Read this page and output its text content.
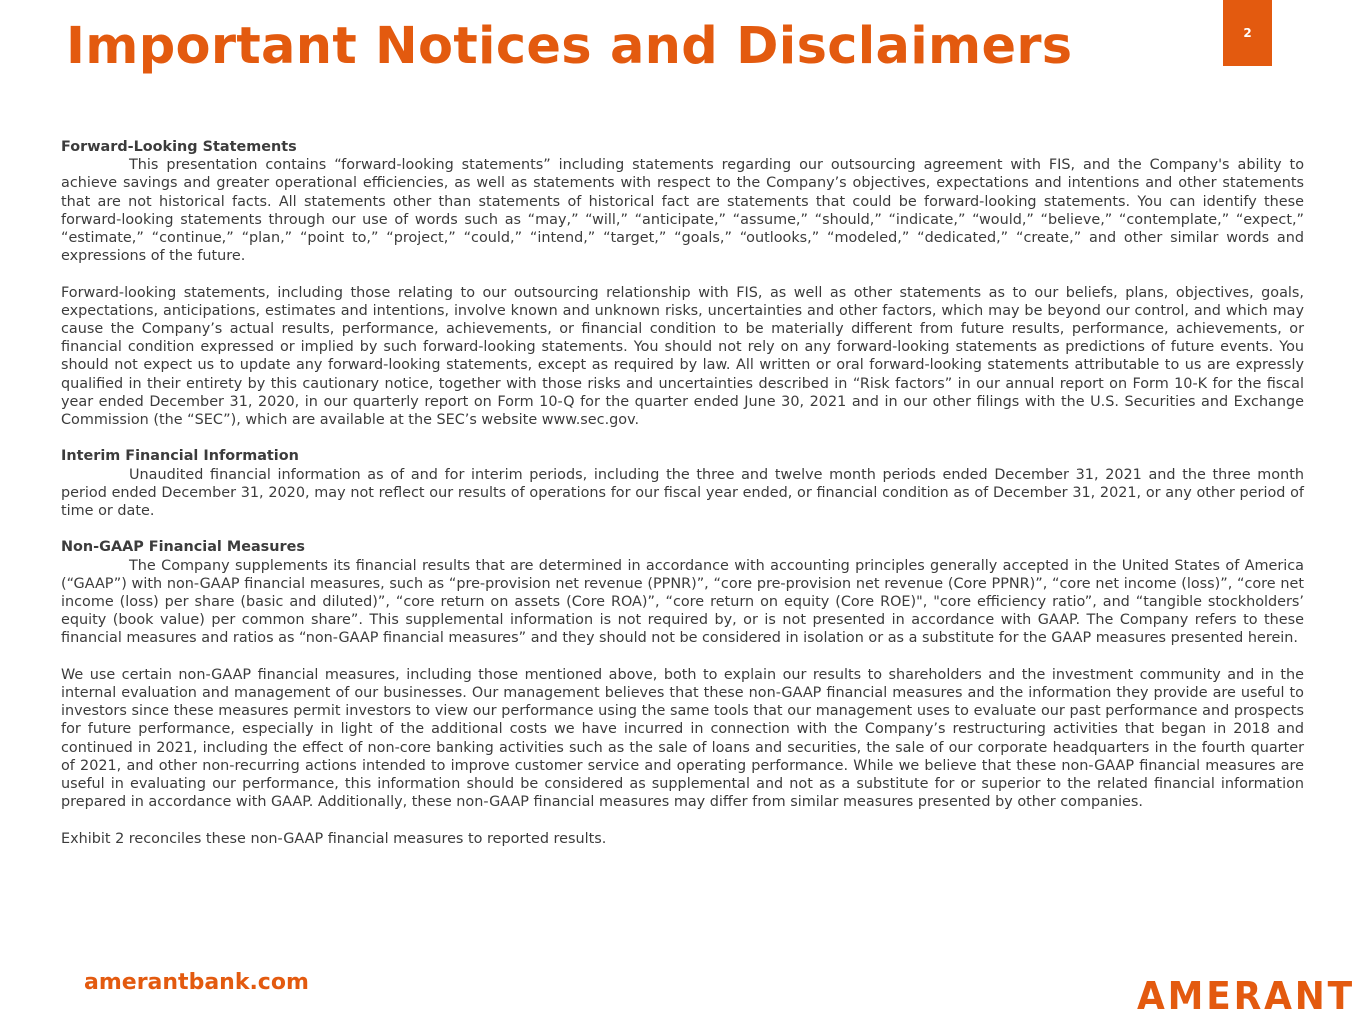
Important Notices and Disclaimers	2

Forward-Looking Statements

This presentation contains “forward-looking statements” including statements regarding our outsourcing agreement with FIS, and the Company's ability to achieve savings and greater operational efficiencies, as well as statements with respect to the Company’s objectives, expectations and intentions and other statements that are not historical facts. All statements other than statements of historical fact are statements that could be forward-looking statements. You can identify these forward-looking statements through our use of words such as “may,” “will,” “anticipate,” “assume,” “should,” “indicate,” “would,” “believe,” “contemplate,” “expect,” “estimate,” “continue,” “plan,” “point to,” “project,” “could,” “intend,” “target,” “goals,” “outlooks,” “modeled,” “dedicated,” “create,” and other similar words and expressions of the future.

Forward-looking statements, including those relating to our outsourcing relationship with FIS, as well as other statements as to our beliefs, plans, objectives, goals, expectations, anticipations, estimates and intentions, involve known and unknown risks, uncertainties and other factors, which may be beyond our control, and which may cause the Company’s actual results, performance, achievements, or financial condition to be materially different from future results, performance, achievements, or financial condition expressed or implied by such forward-looking statements. You should not rely on any forward-looking statements as predictions of future events. You should not expect us to update any forward-looking statements, except as required by law. All written or oral forward-looking statements attributable to us are expressly qualified in their entirety by this cautionary notice, together with those risks and uncertainties described in “Risk factors” in our annual report on Form 10-K for the fiscal year ended December 31, 2020, in our quarterly report on Form 10-Q for the quarter ended June 30, 2021 and in our other filings with the U.S. Securities and Exchange Commission (the “SEC”), which are available at the SEC’s website www.sec.gov.

Interim Financial Information

Unaudited financial information as of and for interim periods, including the three and twelve month periods ended December 31, 2021 and the three month period ended December 31, 2020, may not reflect our results of operations for our fiscal year ended, or financial condition as of December 31, 2021, or any other period of time or date.

Non-GAAP Financial Measures

The Company supplements its financial results that are determined in accordance with accounting principles generally accepted in the United States of America (“GAAP”) with non-GAAP financial measures, such as “pre-provision net revenue (PPNR)”, “core pre-provision net revenue (Core PPNR)”, “core net income (loss)”, “core net income (loss) per share (basic and diluted)”, “core return on assets (Core ROA)”, “core return on equity (Core ROE)", "core efficiency ratio”, and “tangible stockholders’ equity (book value) per common share”. This supplemental information is not required by, or is not presented in accordance with GAAP. The Company refers to these financial measures and ratios as “non-GAAP financial measures” and they should not be considered in isolation or as a substitute for the GAAP measures presented herein.

We use certain non-GAAP financial measures, including those mentioned above, both to explain our results to shareholders and the investment community and in the internal evaluation and management of our businesses. Our management believes that these non-GAAP financial measures and the information they provide are useful to investors since these measures permit investors to view our performance using the same tools that our management uses to evaluate our past performance and prospects for future performance, especially in light of the additional costs we have incurred in connection with the Company’s restructuring activities that began in 2018 and continued in 2021, including the effect of non-core banking activities such as the sale of loans and securities, the sale of our corporate headquarters in the fourth quarter of 2021, and other non-recurring actions intended to improve customer service and operating performance. While we believe that these non-GAAP financial measures are useful in evaluating our performance, this information should be considered as supplemental and not as a substitute for or superior to the related financial information prepared in accordance with GAAP. Additionally, these non-GAAP financial measures may differ from similar measures presented by other companies.

Exhibit 2 reconciles these non-GAAP financial measures to reported results.

amerantbank.com	AMERANT
